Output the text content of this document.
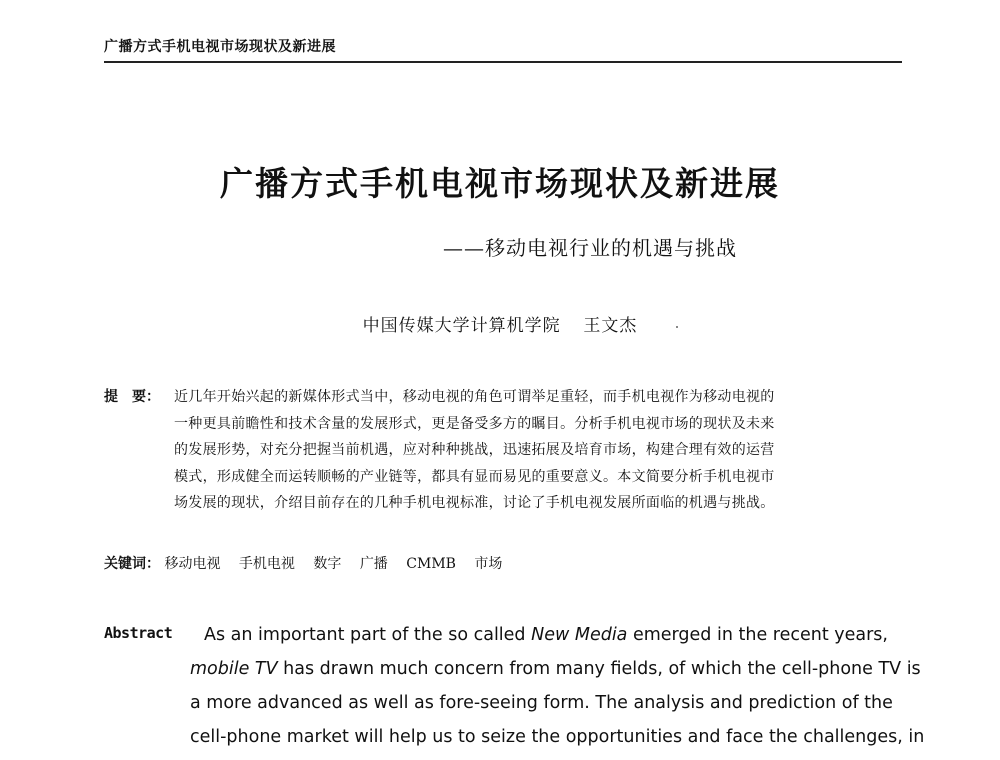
广播方式手机电视市场现状及新进展
广播方式手机电视市场现状及新进展
——移动电视行业的机遇与挑战
中国传媒大学计算机学院 王文杰
提　要： 近几年开始兴起的新媒体形式当中，移动电视的角色可谓举足重轻，而手机电视作为移动电视的
一种更具前瞻性和技术含量的发展形式，更是备受多方的瞩目。分析手机电视市场的现状及未来
的发展形势，对充分把握当前机遇，应对种种挑战，迅速拓展及培育市场，构建合理有效的运营
模式，形成健全而运转顺畅的产业链等，都具有显而易见的重要意义。本文简要分析手机电视市
场发展的现状，介绍目前存在的几种手机电视标准，讨论了手机电视发展所面临的机遇与挑战。
关键词： 移动电视 手机电视 数字 广播 CMMB 市场
Abstract As an important part of the so called New Media emerged in the recent years,
mobile TV has drawn much concern from many fields, of which the cell-phone TV is
a more advanced as well as fore-seeing form. The analysis and prediction of the
cell-phone market will help us to seize the opportunities and face the challenges, in
